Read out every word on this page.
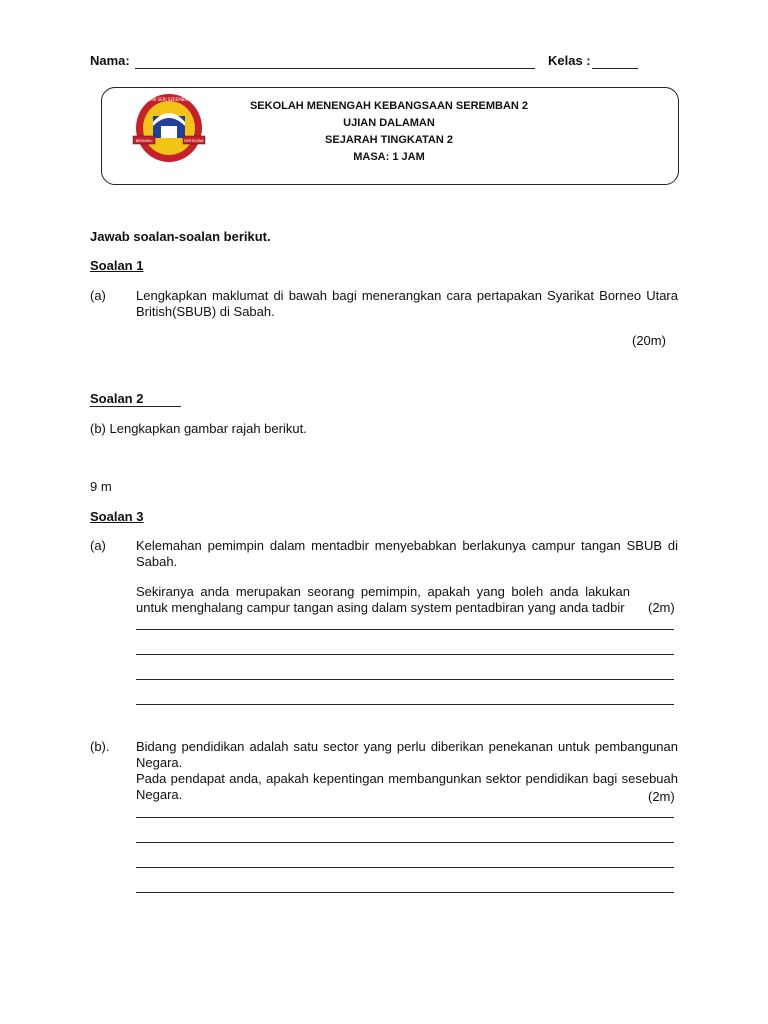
Nama:	Kelas :
BERAMAL	BERTAQWA
SMK SERI SEREMBAN
SEKOLAH MENENGAH KEBANGSAAN SEREMBAN 2
UJIAN DALAMAN
SEJARAH TINGKATAN 2
MASA: 1 JAM
Jawab soalan-soalan berikut.
Soalan 1
(a) Lengkapkan maklumat di bawah bagi menerangkan cara pertapakan Syarikat Borneo Utara British(SBUB) di Sabah.
(20m)
Soalan 2
(b) Lengkapkan gambar rajah berikut.
9 m
Soalan 3
(a) Kelemahan pemimpin dalam mentadbir menyebabkan berlakunya campur tangan SBUB di Sabah.
Sekiranya anda merupakan seorang pemimpin, apakah yang boleh anda lakukan untuk menghalang campur tangan asing dalam system pentadbiran yang anda tadbir	(2m)
(b). Bidang pendidikan adalah satu sector yang perlu diberikan penekanan untuk pembangunan Negara.
Pada pendapat anda, apakah kepentingan membangunkan sektor pendidikan bagi sesebuah Negara.	(2m)
